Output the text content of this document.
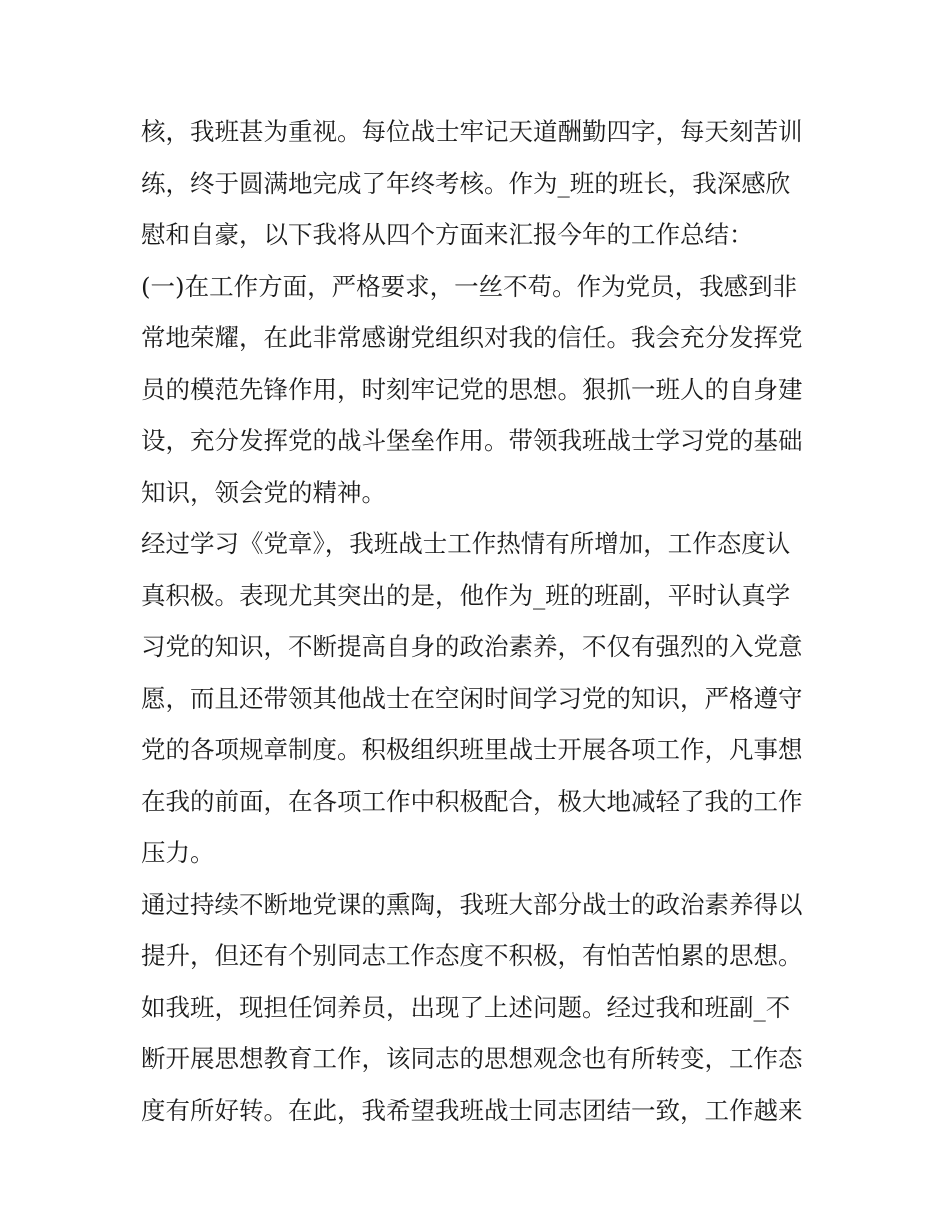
核，我班甚为重视。每位战士牢记天道酬勤四字，每天刻苦训
练，终于圆满地完成了年终考核。作为_班的班长，我深感欣
慰和自豪，以下我将从四个方面来汇报今年的工作总结：
(一)在工作方面，严格要求，一丝不苟。作为党员，我感到非
常地荣耀，在此非常感谢党组织对我的信任。我会充分发挥党
员的模范先锋作用，时刻牢记党的思想。狠抓一班人的自身建
设，充分发挥党的战斗堡垒作用。带领我班战士学习党的基础
知识，领会党的精神。
经过学习《党章》，我班战士工作热情有所增加，工作态度认
真积极。表现尤其突出的是，他作为_班的班副，平时认真学
习党的知识，不断提高自身的政治素养，不仅有强烈的入党意
愿，而且还带领其他战士在空闲时间学习党的知识，严格遵守
党的各项规章制度。积极组织班里战士开展各项工作，凡事想
在我的前面，在各项工作中积极配合，极大地减轻了我的工作
压力。
通过持续不断地党课的熏陶，我班大部分战士的政治素养得以
提升，但还有个别同志工作态度不积极，有怕苦怕累的思想。
如我班，现担任饲养员，出现了上述问题。经过我和班副_不
断开展思想教育工作，该同志的思想观念也有所转变，工作态
度有所好转。在此，我希望我班战士同志团结一致，工作越来
